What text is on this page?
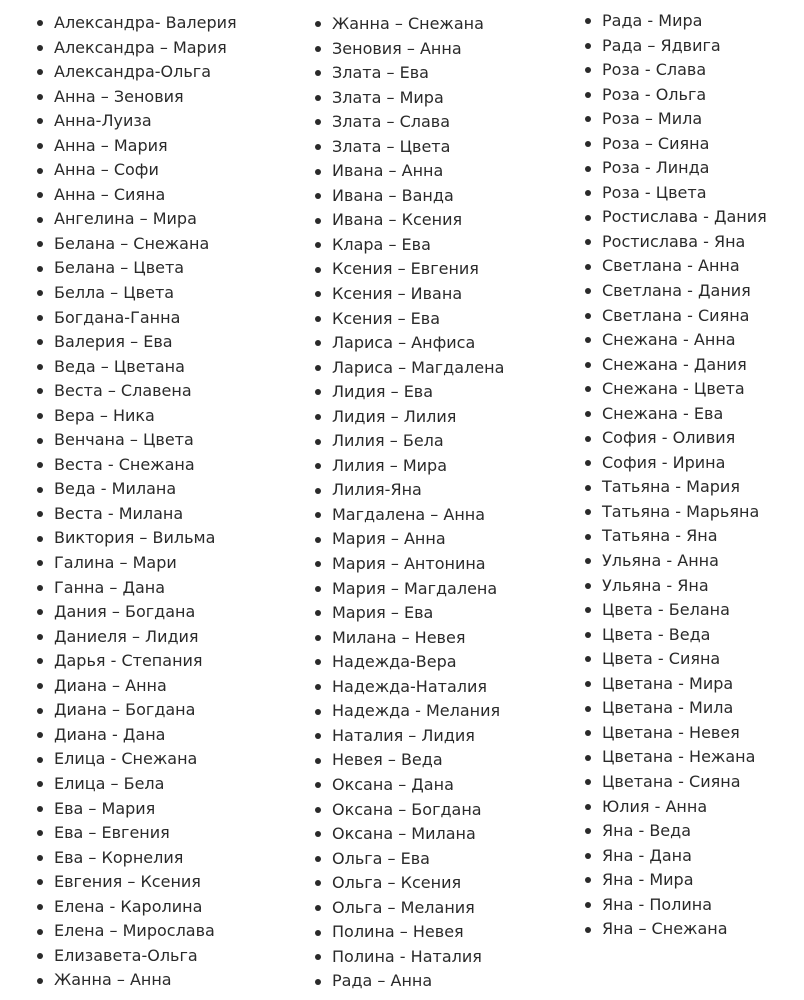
Александра- Валерия
Александра – Мария
Александра-Ольга
Анна – Зеновия
Анна-Луиза
Анна – Мария
Анна – Софи
Анна – Сияна
Ангелина – Мира
Белана – Снежана
Белана – Цвета
Белла – Цвета
Богдана-Ганна
Валерия – Ева
Веда – Цветана
Веста – Славена
Вера – Ника
Венчана – Цвета
Веста - Снежана
Веда - Милана
Веста - Милана
Виктория – Вильма
Галина – Мари
Ганна – Дана
Дания – Богдана
Даниеля – Лидия
Дарья - Степания
Диана – Анна
Диана – Богдана
Диана - Дана
Елица - Снежана
Елица – Бела
Ева – Мария
Ева – Евгения
Ева – Корнелия
Евгения – Ксения
Елена - Каролина
Елена – Мирослава
Елизавета-Ольга
Жанна – Анна
Жанна – Снежана
Зеновия – Анна
Злата – Ева
Злата – Мира
Злата – Слава
Злата – Цвета
Ивана – Анна
Ивана – Ванда
Ивана – Ксения
Клара – Ева
Ксения – Евгения
Ксения – Ивана
Ксения – Ева
Лариса – Анфиса
Лариса – Магдалена
Лидия – Ева
Лидия – Лилия
Лилия – Бела
Лилия – Мира
Лилия-Яна
Магдалена – Анна
Мария – Анна
Мария – Антонина
Мария – Магдалена
Мария – Ева
Милана – Невея
Надежда-Вера
Надежда-Наталия
Надежда - Мелания
Наталия – Лидия
Невея – Веда
Оксана – Дана
Оксана – Богдана
Оксана – Милана
Ольга – Ева
Ольга – Ксения
Ольга – Мелания
Полина – Невея
Полина - Наталия
Рада – Анна
Рада - Мира
Рада – Ядвига
Роза - Слава
Роза - Ольга
Роза – Мила
Роза – Сияна
Роза - Линда
Роза - Цвета
Ростислава - Дания
Ростислава - Яна
Светлана - Анна
Светлана - Дания
Светлана - Сияна
Снежана - Анна
Снежана - Дания
Снежана - Цвета
Снежана - Ева
София - Оливия
София - Ирина
Татьяна - Мария
Татьяна - Марьяна
Татьяна - Яна
Ульяна - Анна
Ульяна - Яна
Цвета - Белана
Цвета - Веда
Цвета - Сияна
Цветана - Мира
Цветана - Мила
Цветана - Невея
Цветана - Нежана
Цветана - Сияна
Юлия - Анна
Яна - Веда
Яна - Дана
Яна - Мира
Яна - Полина
Яна – Снежана
